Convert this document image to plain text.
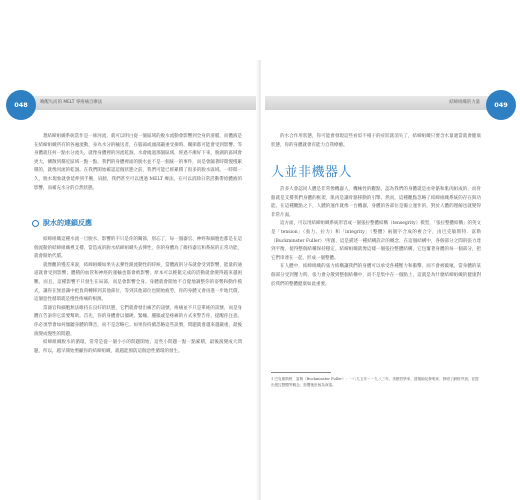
048	喚醒失而的 MELT 零疼痛自療法

想結締組織系統當作是一條河流，就可以明白從一個區域的脫水流動會影響到全身的滑膜，而體液是在結締組織所有的各處流動，身為水分的輸送者，在腦部或頭部嚴重受損時，關節都可能會受到影響。等身體就任何一點水分流失，就像身體裡的河流乾涸，水會繞過那個區域，經過不漸好下來，脫湖的區域會更大，擴散到鄰近區域一點一點。我們的身體裡面的脫水並不是一個統一的事件，而是會隨著時間慢慢累積的，就像河流的乾涸。在我們開始確認這個狀態之前，我們可能已經累積了很多的脫水區域。一時間一久，脫水現象就會延伸到手腕，肩膀，我們甚至可以透過 MELT 療法，在可以消除日常活動帶給體液的影響，而補充水分的自然狀態。

脫水的連鎖反應

結締組織這種水流一旦脫水，影響的不只是你的關節，別忘了，每一個器官、神經和細胞也都是在這個流動的結締組織裡支撐，當造成的脫水結締組織失去彈性，你的身體為了維持器官和系統的正常功能，就會開始代償。

就像觀的慢差來說，結締組織如果失去彈性跟流動性的時候，當體液的分布就會受到影響，能量的通道就會受到影響；體積的血管和神經的運輸也都會被影響，原本可以輕鬆完成的活動就會變得越來越困難。而且，這種影響不只發生在局部，而是會影響全身。身體就會開始不自覺地調整你的姿勢和動作模式，讓你在無意識中把負荷轉移到其他部位，等到其他部位也開始疲勞，你的身體又會再進一步地代償，這個惡性循環就是慢性疼痛的根源。

當器官和細胞無法維持在良好的狀態，它們就會發出痛苦的訊號，疼痛並不只是單純的訊號，而是身體在告訴你它需要幫助。首先，你的身體會以僵硬、緊繃、腫脹或是疼痛的方式來警告你，提醒你注意。你必須學會如何傾聽身體的聲音，而不是忽略它。如果你持續忽略這些訊號，問題就會越來越嚴重，最後演變成慢性的問題。

結締組織脫水的循環，常常是從一個小小的問題開始，這些小問題一點一點累積，最後演變成大問題，所以，越早開始照顧你的結締組織，就越能預防這個惡性循環的發生。

049
結締組織的力量

的水合作用狀態，你可能會發現這些看似不相干的症狀就消失了，結締組織只要含水量適當就會健康狀態，你的身體就會有能力自我療癒。

人並非機器人

許多人會認同人體是非常像機器人，機械性的觀點，認為我們的身體就是由骨骼和肌肉組成的，而骨骼就是支撐我們身體的框架，肌肉是讓骨骼移動的引擎。然而，這種觀點忽略了結締組織系統的存在與功能。在這種觀點之下，人體的運作就像一台機器，身體的各部位是獨立運作的，對於人體的理解也就變得非常片面。

這方面，可以用結締組織系統形容成一個張拉整體結構（tensegrity）模型，「張拉整體結構」的英文是「tension」（張力、拉力）和「integrity」（整體）兩個字合成的複合字，由巴克敏斯特．富勒（Buckminster Fuller）¹所創，這是描述一種結構設計的概念，在這個結構中，各個部分之間的張力達到平衡，使得整個結構保持穩定。結締組織就像這樣一個張拉整體結構，它包覆著身體的每一個部分，把它們串連在一起，形成一個整體。

在人體中，結締組織的張力結構讓我們的身體可以承受各種壓力和衝擊，而不會被破壞。當身體的某個部分受到壓力時，張力會分散到整個結構中，而不是集中在一個點上，這就是為什麼結締組織的健康對於我們的整體健康如此重要。

1 巴克敏斯特．富勒（Buckminster Fuller）：一八九五年～一九八三年，美國哲學家、建築師及發明家，發明了網格穹頂，並提出張拉整體等概念，影響後世極為深遠。
